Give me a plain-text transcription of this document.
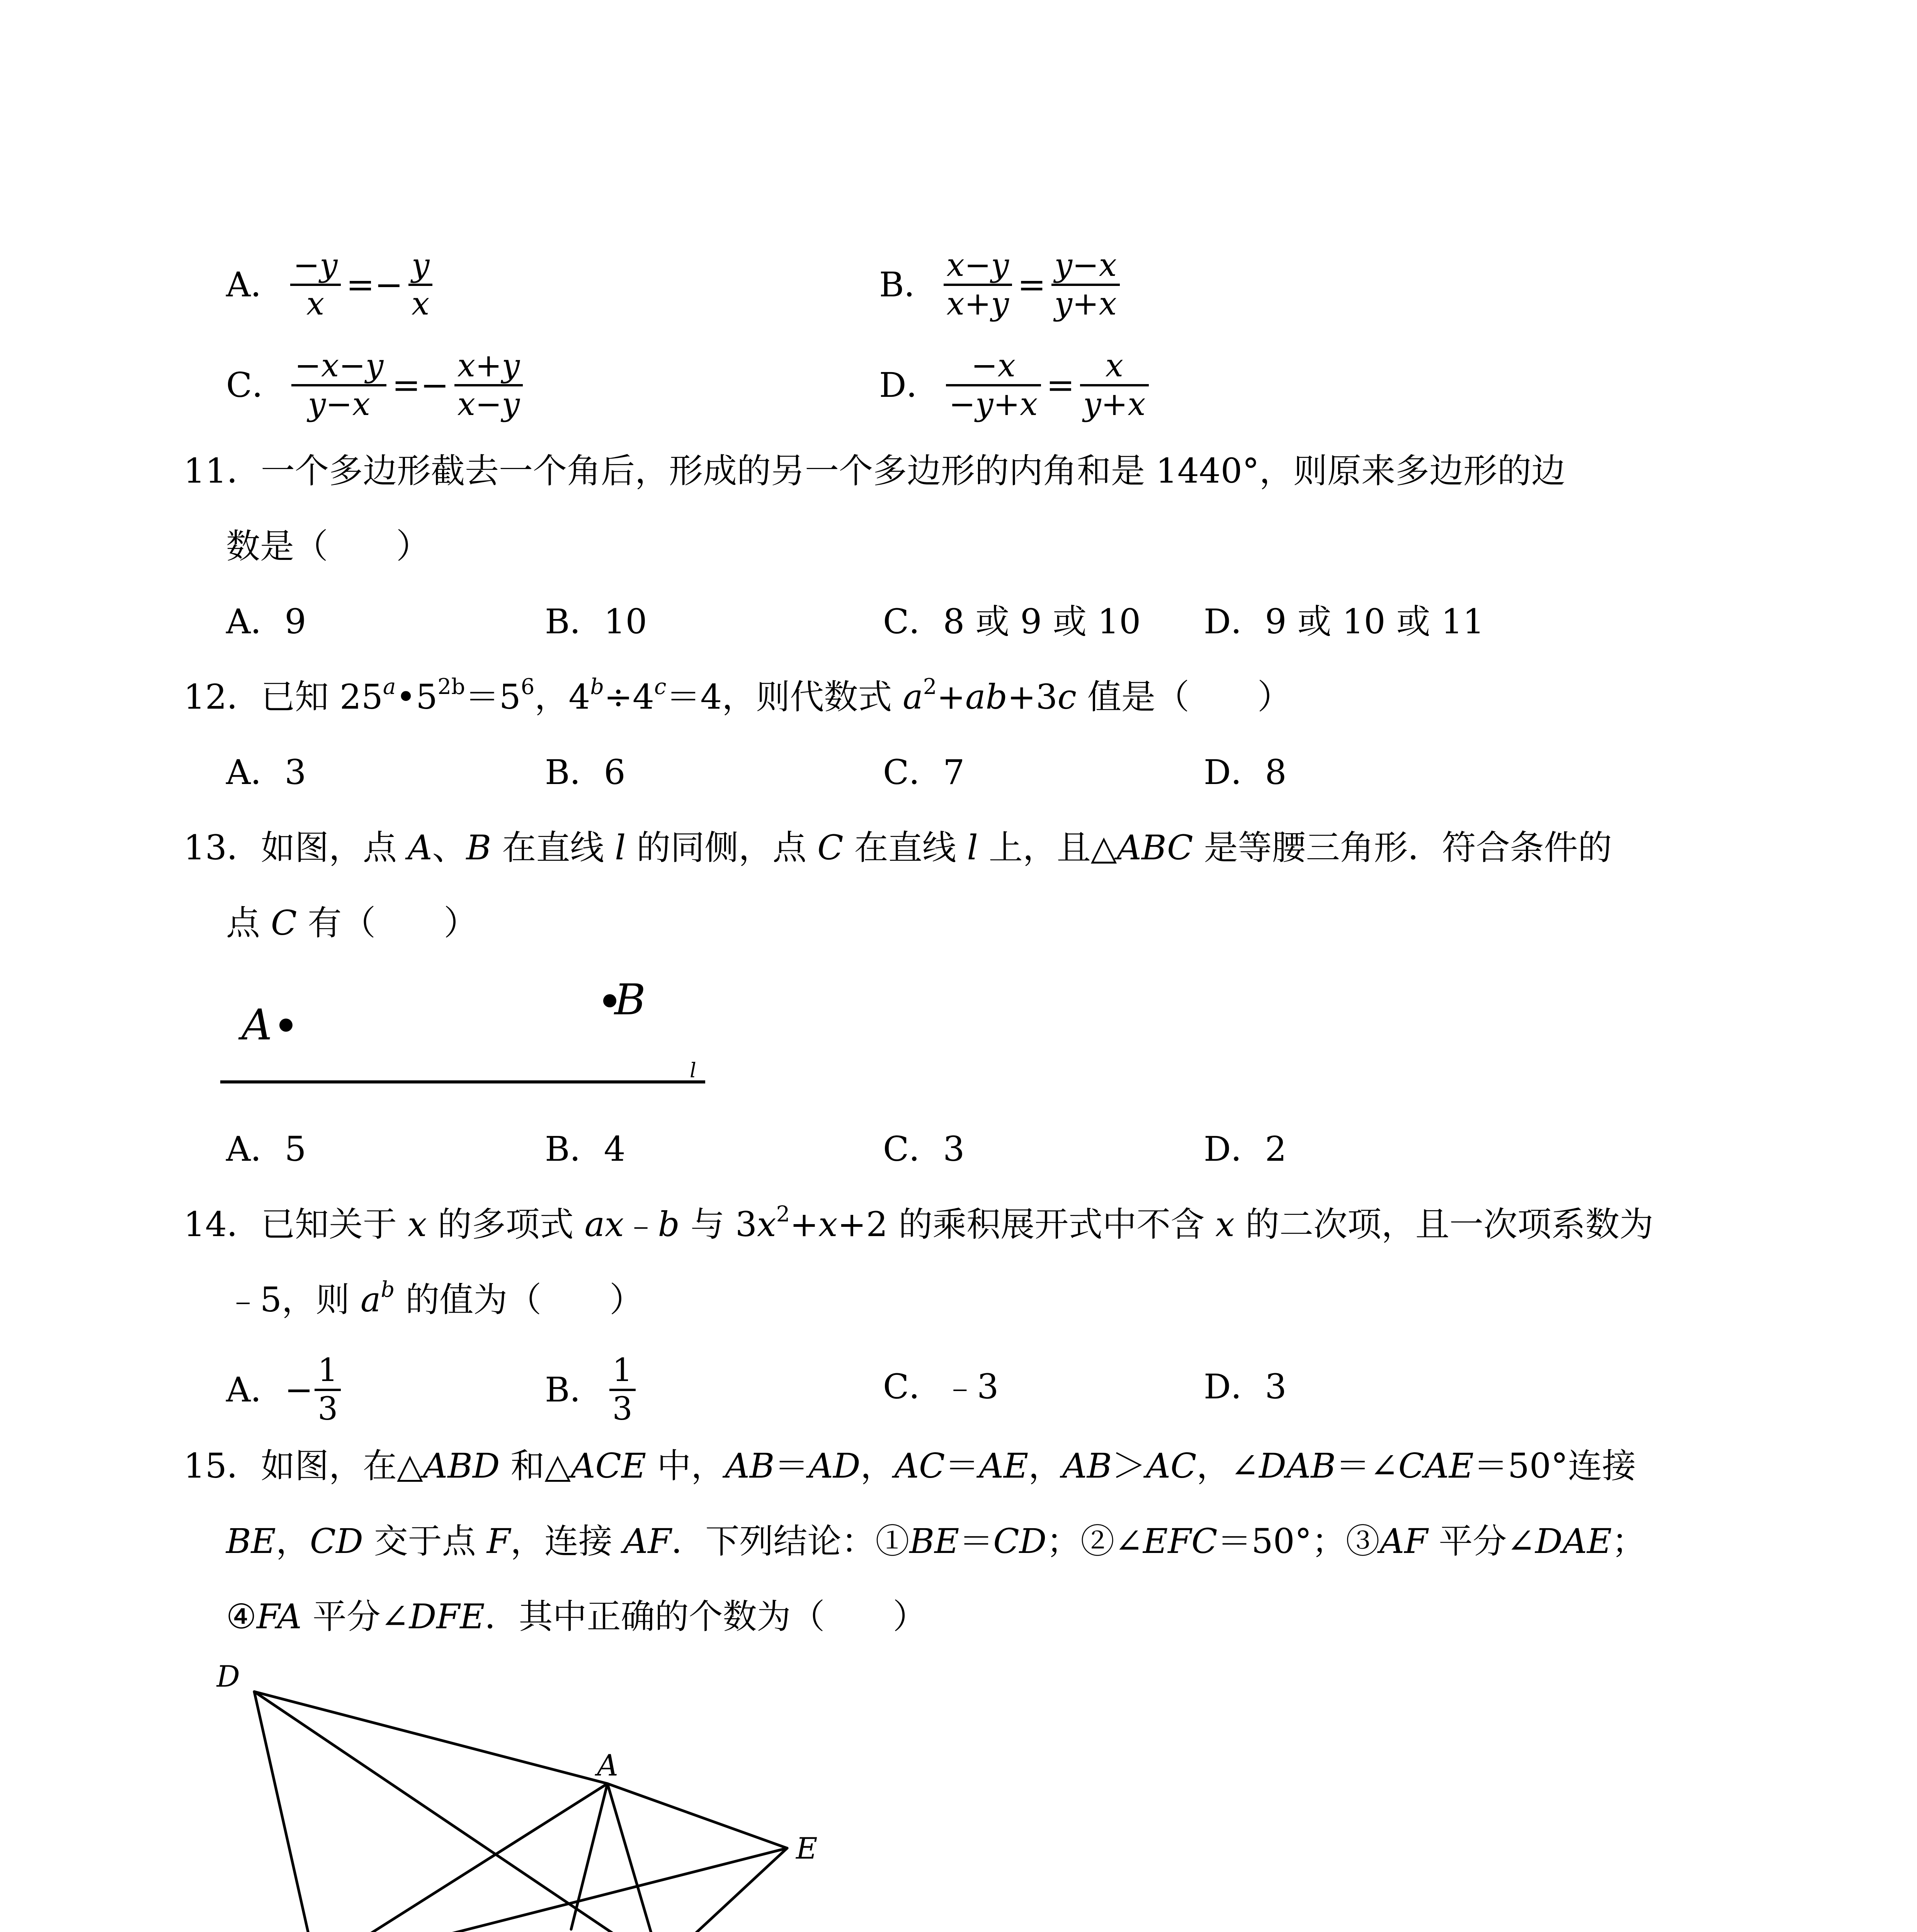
A． $\frac{-y}{x} =- \frac{y}{x}$	B． $\frac{x-y}{x+y} = \frac{y-x}{y+x}$
C． $\frac{-x-y}{y-x} =- \frac{x+y}{x-y}$	D． $\frac{-x}{-y+x} = \frac{x}{y+x}$
11．一个多边形截去一个角后，形成的另一个多边形的内角和是 1440°，则原来多边形的边
数是（　　）
A．9	B．10	C．8 或 9 或 10 D．9 或 10 或 11
12．已知 $25^a•5^{2b}=5^6$，$4^b\div 4^c=4$，则代数式 $a^2+ab+3c$ 值是（　　）
A．3	B．6	C．7	D．8
13．如图，点 A、B 在直线 l 的同侧，点 C 在直线 l 上，且△ABC 是等腰三角形．符合条件的
点 C 有（　　）
A
B
l
A．5	B．4	C．3	D．2
14．已知关于 x 的多项式 ax﹣b 与 $3x^2+x+2$ 的乘积展开式中不含 x 的二次项，且一次项系数为
﹣5，则 $a^b$ 的值为（　　）
A．− $\frac{1}{3}$	B． $\frac{1}{3}$	C．﹣3	D．3
15．如图，在△ABD 和△ACE 中，AB＝AD，AC＝AE，AB＞AC，∠DAB＝∠CAE＝50°连接
BE，CD 交于点 F，连接 AF．下列结论：①BE＝CD；②∠EFC＝50°；③AF 平分∠DAE；
④FA 平分∠DFE．其中正确的个数为（　　）
D
A
E
